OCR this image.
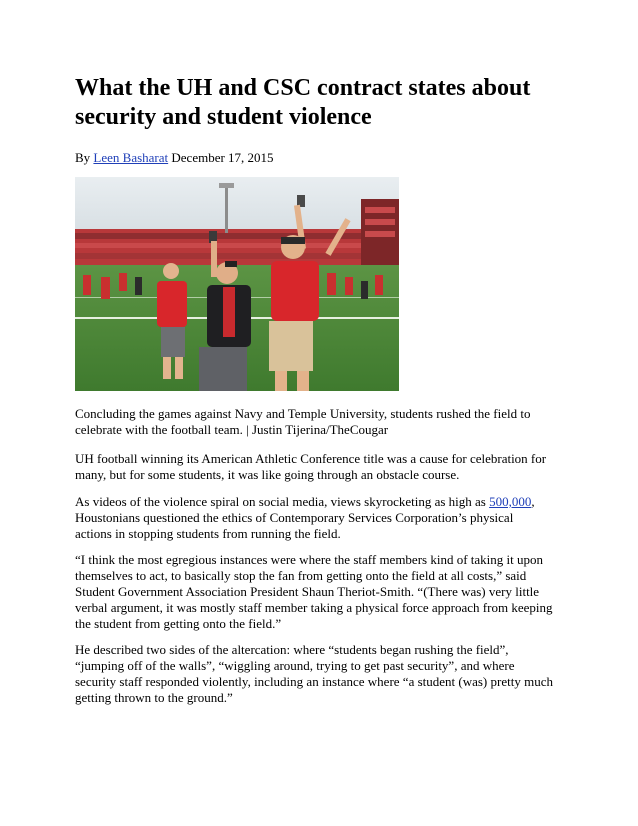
What the UH and CSC contract states about security and student violence
By Leen Basharat December 17, 2015

Concluding the games against Navy and Temple University, students rushed the field to celebrate with the football team. | Justin Tijerina/TheCougar

UH football winning its American Athletic Conference title was a cause for celebration for many, but for some students, it was like going through an obstacle course.

As videos of the violence spiral on social media, views skyrocketing as high as 500,000, Houstonians questioned the ethics of Contemporary Services Corporation’s physical actions in stopping students from running the field.

“I think the most egregious instances were where the staff members kind of taking it upon themselves to act, to basically stop the fan from getting onto the field at all costs,” said Student Government Association President Shaun Theriot-Smith. “(There was) very little verbal argument, it was mostly staff member taking a physical force approach from keeping the student from getting onto the field.”

He described two sides of the altercation: where “students began rushing the field”, “jumping off of the walls”, “wiggling around, trying to get past security”, and where security staff responded violently, including an instance where “a student (was) pretty much getting thrown to the ground.”
